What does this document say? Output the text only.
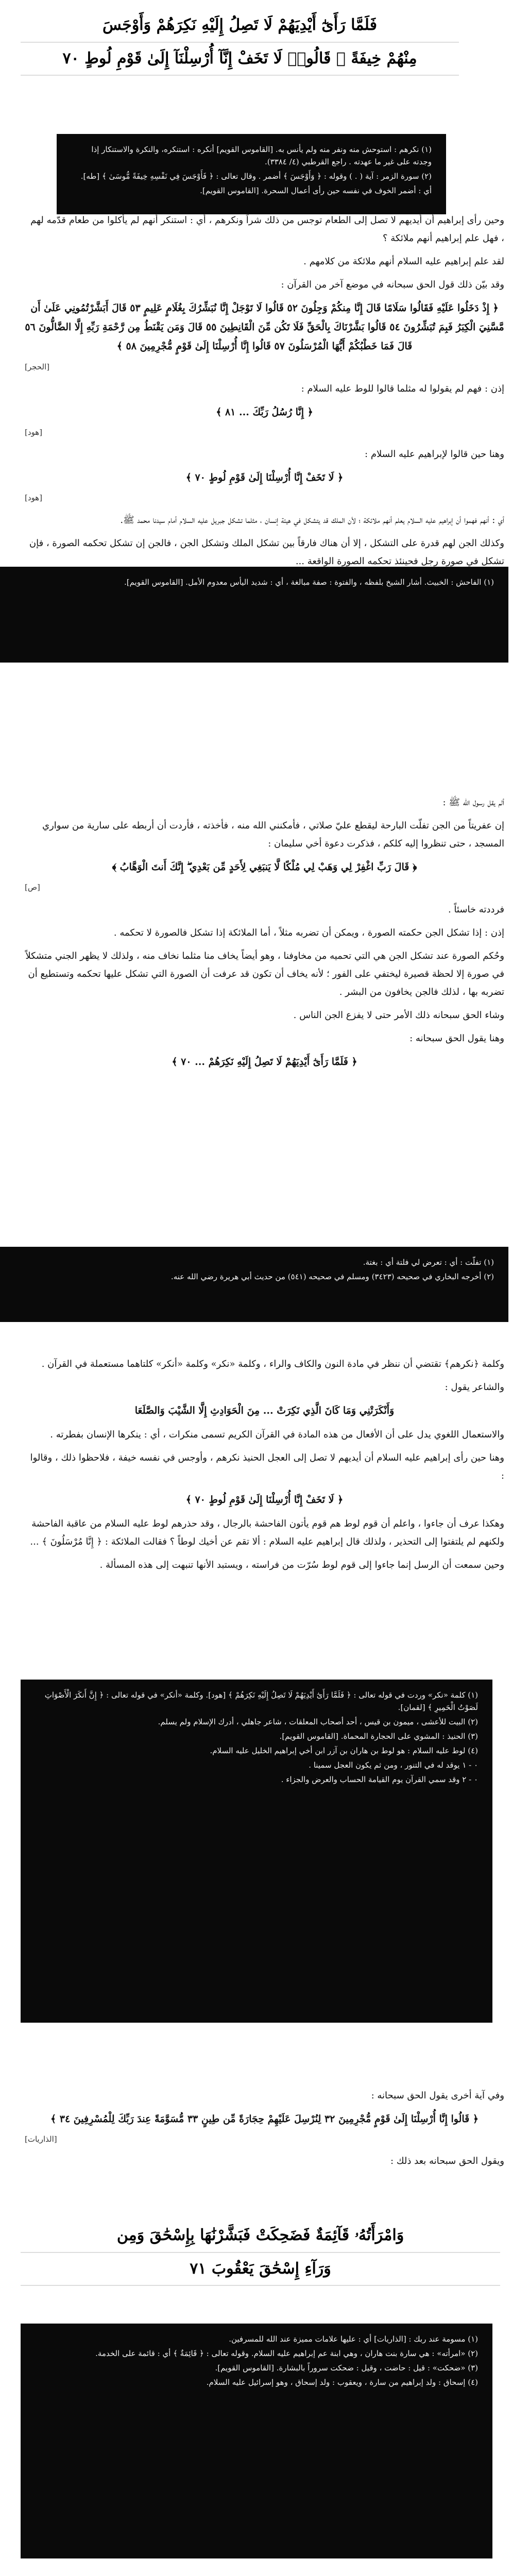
فَلَمَّا رَأَىٰٓ أَيْدِيَهُمْ لَا تَصِلُ إِلَيْهِ نَكِرَهُمْ وَأَوْجَسَ
مِنْهُمْ خِيفَةً ۚ قَالُوا۟ لَا تَخَفْ إِنَّآ أُرْسِلْنَآ إِلَىٰ قَوْمِ لُوطٍ ٧٠

(١) نكرهم : استوحش منه ونفر منه ولم يأنس به. [القاموس القويم] أنكره : استنكره، والنكرة والاستنكار إذا وجدته على غير ما عهدته . راجع القرطبي (٤/ ٣٣٨٤).

(٢) سورة الزمر : آية ( . ) وقوله : ﴿ وَأَوْجَسَ ﴾ أضمر . وقال تعالى : ﴿ فَأَوْجَسَ فِي نَفْسِهِ خِيفَةً مُّوسَىٰ ﴾ [طه].

أي : أضمر الخوف في نفسه حين رأى أعمال السحرة. [القاموس القويم].

وحين رأى إبراهيم أن أيديهم لا تصل إلى الطعام توجس من ذلك شراً ونكرهم ، أي : استنكر أنهم لم يأكلوا من طعام قدّمه لهم ، فهل علم إبراهيم أنهم ملائكة ؟

لقد علم إبراهيم عليه السلام أنهم ملائكة من كلامهم .

وقد بيّن ذلك قول الحق سبحانه في موضع آخر من القرآن :

﴿ إِذْ دَخَلُوا عَلَيْهِ فَقَالُوا سَلَامًا قَالَ إِنَّا مِنكُمْ وَجِلُونَ ٥٢ قَالُوا لَا تَوْجَلْ إِنَّا نُبَشِّرُكَ بِغُلَامٍ عَلِيمٍ ٥٣ قَالَ أَبَشَّرْتُمُونِي عَلَىٰ أَن مَّسَّنِيَ الْكِبَرُ فَبِمَ تُبَشِّرُونَ ٥٤ قَالُوا بَشَّرْنَاكَ بِالْحَقِّ فَلَا تَكُن مِّنَ الْقَانِطِينَ ٥٥ قَالَ وَمَن يَقْنَطُ مِن رَّحْمَةِ رَبِّهِ إِلَّا الضَّالُّونَ ٥٦ قَالَ فَمَا خَطْبُكُمْ أَيُّهَا الْمُرْسَلُونَ ٥٧ قَالُوا إِنَّا أُرْسِلْنَا إِلَىٰ قَوْمٍ مُّجْرِمِينَ ٥٨ ﴾

[الحجر]

إذن : فهم لم يقولوا له مثلما قالوا للوط عليه السلام :

﴿ إِنَّا رُسُلُ رَبِّكَ ... ٨١ ﴾

[هود]

وهنا حين قالوا لإبراهيم عليه السلام :

﴿ لَا تَخَفْ إِنَّا أُرْسِلْنَا إِلَىٰ قَوْمِ لُوطٍ ٧٠ ﴾

[هود]

أي : أنهم فهموا أن إبراهيم عليه السلام يعلم أنهم ملائكة ؛ لأن الملك قد يتشكل في هيئة إنسان ، مثلما تشكل جبريل عليه السلام أمام سيدنا محمد ﷺ.

وكذلك الجن لهم قدرة على التشكل ، إلا أن هناك فارقاً بين تشكل الملك وتشكل الجن ، فالجن إن تشكل تحكمه الصورة ، فإن تشكل في صورة رجل فحينئذ تحكمه الصورة الواقعة ...

(١) الفاحش : الخبيث. أشار الشيخ بلفظه ، والفتوة : صفة مبالغة ، أي : شديد اليأس معدوم الأمل. [القاموس القويم].

ألم يقل رسول الله ﷺ :

إن عفريتاً من الجن تفلّت البارحة ليقطع عليّ صلاتي ، فأمكنني الله منه ، فأخذته ، فأردت أن أربطه على سارية من سواري المسجد ، حتى تنظروا إليه كلكم ، فذكرت دعوة أخي سليمان :

﴿ قَالَ رَبِّ اغْفِرْ لِي وَهَبْ لِي مُلْكًا لَّا يَنبَغِي لِأَحَدٍ مِّن بَعْدِي ۖ إِنَّكَ أَنتَ الْوَهَّابُ ﴾

[ص]

فرددته خاسئاً .

إذن : إذا تشكل الجن حكمته الصورة ، ويمكن أن تضربه مثلاً ، أما الملائكة إذا تشكل فالصورة لا تحكمه .

وحُكم الصورة عند تشكل الجن هي التي تحميه من مخاوفنا ، وهو أيضاً يخاف منا مثلما نخاف منه ، ولذلك لا يظهر الجني متشكلاً في صورة إلا لحظة قصيرة ليختفي على الفور ؛ لأنه يخاف أن تكون قد عرفت أن الصورة التي تشكل عليها تحكمه وتستطيع أن تضربه بها ، لذلك فالجن يخافون من البشر .

وشاء الحق سبحانه ذلك الأمر حتى لا يفزع الجن الناس .

وهنا يقول الحق سبحانه :

﴿ فَلَمَّا رَأَىٰٓ أَيْدِيَهُمْ لَا تَصِلُ إِلَيْهِ نَكِرَهُمْ ... ٧٠ ﴾

(١) تفلّت : أي : تعرض لي فلتة أي : بغتة.

(٢) أخرجه البخاري في صحيحه (٣٤٢٣) ومسلم في صحيحه (٥٤١) من حديث أبي هريرة رضي الله عنه.

وكلمة ﴿نكرهم﴾ تقتضي أن ننظر في مادة النون والكاف والراء ، وكلمة «نكر» وكلمة «أنكر» كلتاهما مستعملة في القرآن .

والشاعر يقول :

وَأَنْكَرَتْنِي وَمَا كَانَ الَّذِي نَكِرَتْ ... مِنَ الْحَوَادِثِ إِلَّا الشَّيْبَ وَالصَّلَعَا

والاستعمال اللغوي يدل على أن الأفعال من هذه المادة في القرآن الكريم تسمى منكرات ، أي : ينكرها الإنسان بفطرته .

وهنا حين رأى إبراهيم عليه السلام أن أيديهم لا تصل إلى العجل الحنيذ نكرهم ، وأوجس في نفسه خيفة ، فلاحظوا ذلك ، وقالوا :

﴿ لَا تَخَفْ إِنَّا أُرْسِلْنَا إِلَىٰ قَوْمِ لُوطٍ ٧٠ ﴾

وهكذا عرف أن جاءوا ، واعلم أن قوم لوط هم قوم يأتون الفاحشة بالرجال ، وقد حذرهم لوط عليه السلام من عاقبة الفاحشة ولكنهم لم يلتفتوا إلى التحذير ، ولذلك قال إبراهيم عليه السلام : ألا تقم عن أخيك لوطاً ؟ فقالت الملائكة : ﴿ إِنَّا مُرْسَلُونَ ﴾ ...

وحين سمعت أن الرسل إنما جاءوا إلى قوم لوط سُرّت من فراسته ، ويستبد الأنها تنبهت إلى هذه المسألة .

(١) كلمة «نكر» وردت في قوله تعالى : ﴿ فَلَمَّا رَأَىٰٓ أَيْدِيَهُمْ لَا تَصِلُ إِلَيْهِ نَكِرَهُمْ ﴾ [هود]. وكلمة «أنكر» في قوله تعالى : ﴿ إِنَّ أَنكَرَ الْأَصْوَاتِ لَصَوْتُ الْحَمِيرِ ﴾ [لقمان].

(٢) البيت للأعشى ، ميمون بن قيس ، أحد أصحاب المعلقات ، شاعر جاهلي ، أدرك الإسلام ولم يسلم.

(٣) الحنيذ : المشوي على الحجارة المحماة. [القاموس القويم].

(٤) لوط عليه السلام : هو لوط بن هاران بن آزر ابن أخي إبراهيم الخليل عليه السلام.

٠ - ١ يوقد له في التنور ، ومن ثم يكون العجل سمينا .

٠ - ٢ وقد سمي القرآن يوم القيامة الحساب والعرض والجزاء .

وفي آية أخرى يقول الحق سبحانه :

﴿ قَالُوا إِنَّا أُرْسِلْنَا إِلَىٰ قَوْمٍ مُّجْرِمِينَ ٣٢ لِنُرْسِلَ عَلَيْهِمْ حِجَارَةً مِّن طِينٍ ٣٣ مُّسَوَّمَةً عِندَ رَبِّكَ لِلْمُسْرِفِينَ ٣٤ ﴾

[الذاريات]

ويقول الحق سبحانه بعد ذلك :

وَامْرَأَتُهُۥ قَآئِمَةٌ فَضَحِكَتْ فَبَشَّرْنَٰهَا بِإِسْحَٰقَ وَمِن
وَرَآءِ إِسْحَٰقَ يَعْقُوبَ ٧١

(١) مسومة عند ربك : [الذاريات] أي : عليها علامات مميزة عند الله للمسرفين.

(٢) «امرأته» : هي سارة بنت هاران ، وهي ابنة عم إبراهيم عليه السلام. وقوله تعالى : ﴿ قَائِمَةٌ ﴾ أي : قائمة على الخدمة.

(٣) «ضحكت» : قيل : حاضت ، وقيل : ضحكت سروراً بالبشارة. [القاموس القويم].

(٤) إسحاق : ولد إبراهيم من سارة ، ويعقوب : ولد إسحاق ، وهو إسرائيل عليه السلام.
